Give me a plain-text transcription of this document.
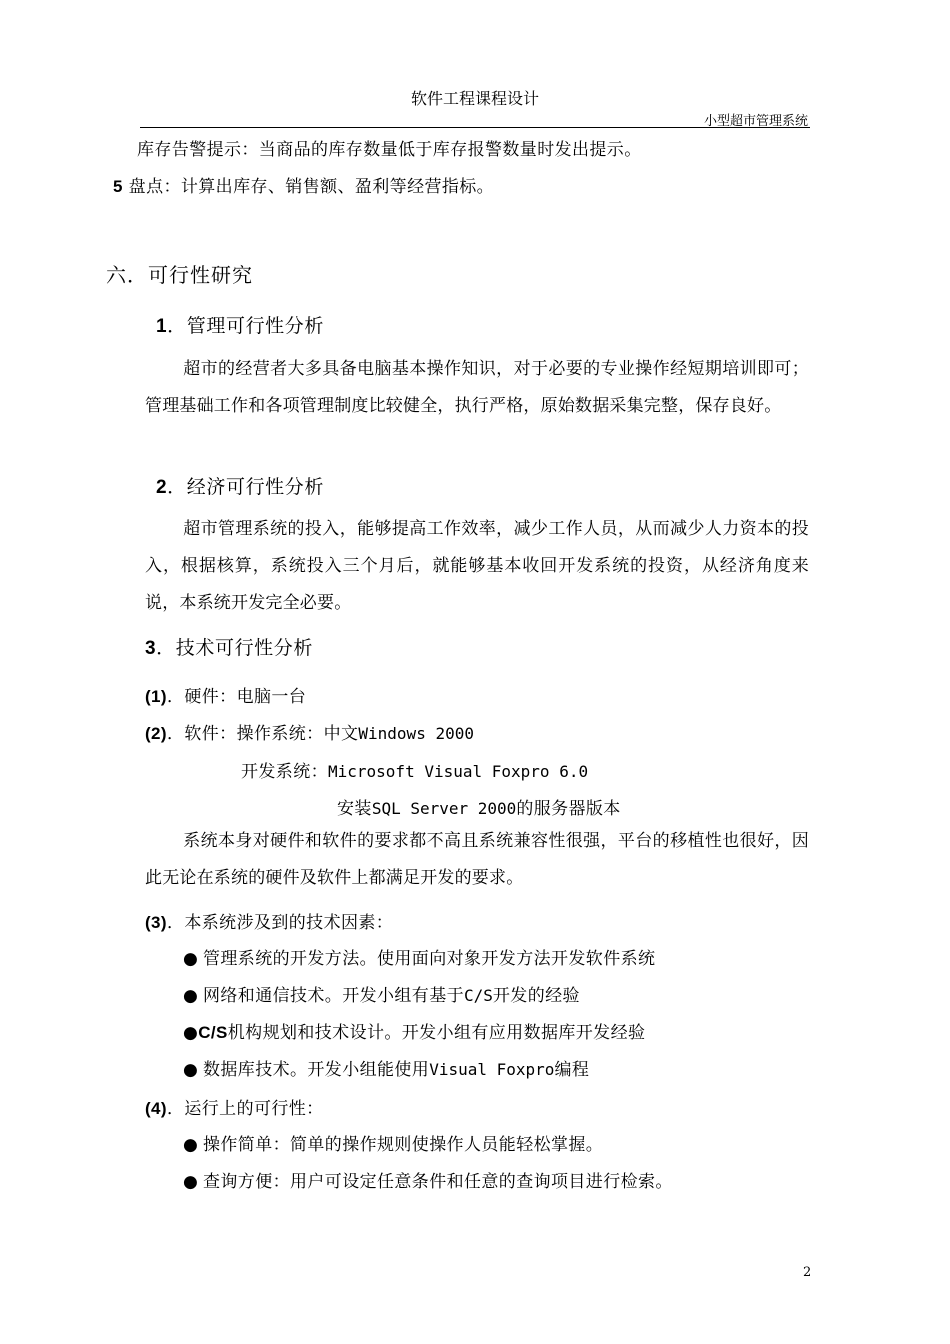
软件工程课程设计
小型超市管理系统
库存告警提示：当商品的库存数量低于库存报警数量时发出提示。
5 盘点：计算出库存、销售额、盈利等经营指标。
六．可行性研究
1．管理可行性分析
超市的经营者大多具备电脑基本操作知识，对于必要的专业操作经短期培训即可；管理基础工作和各项管理制度比较健全，执行严格，原始数据采集完整，保存良好。
2．经济可行性分析
超市管理系统的投入，能够提高工作效率，减少工作人员，从而减少人力资本的投入，根据核算，系统投入三个月后，就能够基本收回开发系统的投资，从经济角度来说，本系统开发完全必要。
3．技术可行性分析
(1)．硬件：电脑一台
(2)．软件：操作系统：中文Windows 2000
开发系统：Microsoft Visual Foxpro 6.0
安装SQL Server 2000的服务器版本
系统本身对硬件和软件的要求都不高且系统兼容性很强，平台的移植性也很好，因此无论在系统的硬件及软件上都满足开发的要求。
(3)．本系统涉及到的技术因素：
● 管理系统的开发方法。使用面向对象开发方法开发软件系统
● 网络和通信技术。开发小组有基于C/S开发的经验
●C/S机构规划和技术设计。开发小组有应用数据库开发经验
● 数据库技术。开发小组能使用Visual Foxpro编程
(4)．运行上的可行性：
● 操作简单：简单的操作规则使操作人员能轻松掌握。
● 查询方便：用户可设定任意条件和任意的查询项目进行检索。
2
